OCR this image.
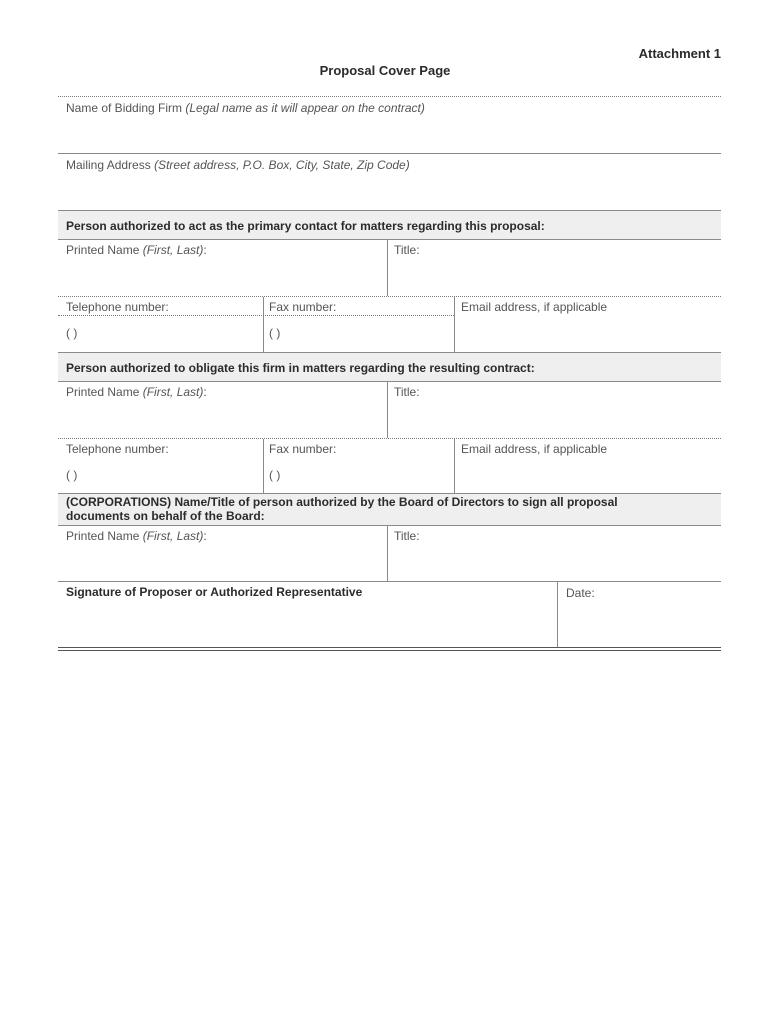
Attachment 1
Proposal Cover Page
Name of Bidding Firm (Legal name as it will appear on the contract)
Mailing Address (Street address, P.O. Box, City, State, Zip Code)
Person authorized to act as the primary contact for matters regarding this proposal:
Printed Name (First, Last):	Title:
Telephone number:	Fax number:	Email address, if applicable
( )	( )
Person authorized to obligate this firm in matters regarding the resulting contract:
Printed Name (First, Last):	Title:
Telephone number:	Fax number:	Email address, if applicable
( )	( )
(CORPORATIONS) Name/Title of person authorized by the Board of Directors to sign all proposal
documents on behalf of the Board:
Printed Name (First, Last):	Title:
Signature of Proposer or Authorized Representative	Date:
